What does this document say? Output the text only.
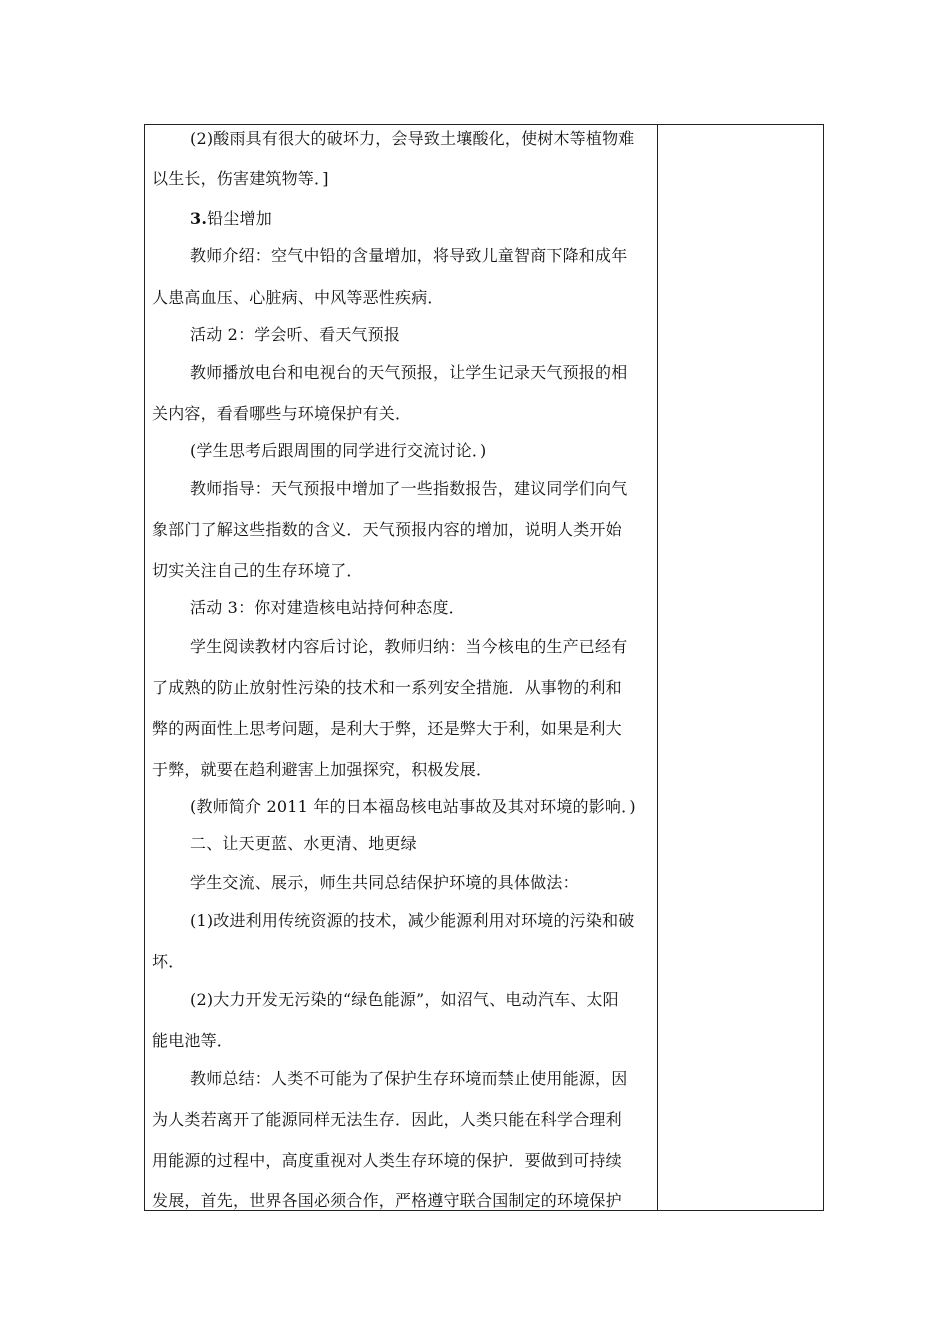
(2)酸雨具有很大的破坏力，会导致土壤酸化，使树木等植物难
以生长，伤害建筑物等．]
3.铅尘增加
教师介绍：空气中铅的含量增加，将导致儿童智商下降和成年
人患高血压、心脏病、中风等恶性疾病．
活动 2：学会听、看天气预报
教师播放电台和电视台的天气预报，让学生记录天气预报的相
关内容，看看哪些与环境保护有关．
(学生思考后跟周围的同学进行交流讨论．)
教师指导：天气预报中增加了一些指数报告，建议同学们向气
象部门了解这些指数的含义．天气预报内容的增加，说明人类开始
切实关注自己的生存环境了．
活动 3：你对建造核电站持何种态度．
学生阅读教材内容后讨论，教师归纳：当今核电的生产已经有
了成熟的防止放射性污染的技术和一系列安全措施．从事物的利和
弊的两面性上思考问题，是利大于弊，还是弊大于利，如果是利大
于弊，就要在趋利避害上加强探究，积极发展．
(教师简介 2011 年的日本福岛核电站事故及其对环境的影响．)
二、让天更蓝、水更清、地更绿
学生交流、展示，师生共同总结保护环境的具体做法：
(1)改进利用传统资源的技术，减少能源利用对环境的污染和破
坏．
(2)大力开发无污染的“绿色能源”，如沼气、电动汽车、太阳
能电池等．
教师总结：人类不可能为了保护生存环境而禁止使用能源，因
为人类若离开了能源同样无法生存．因此，人类只能在科学合理利
用能源的过程中，高度重视对人类生存环境的保护．要做到可持续
发展，首先，世界各国必须合作，严格遵守联合国制定的环境保护
